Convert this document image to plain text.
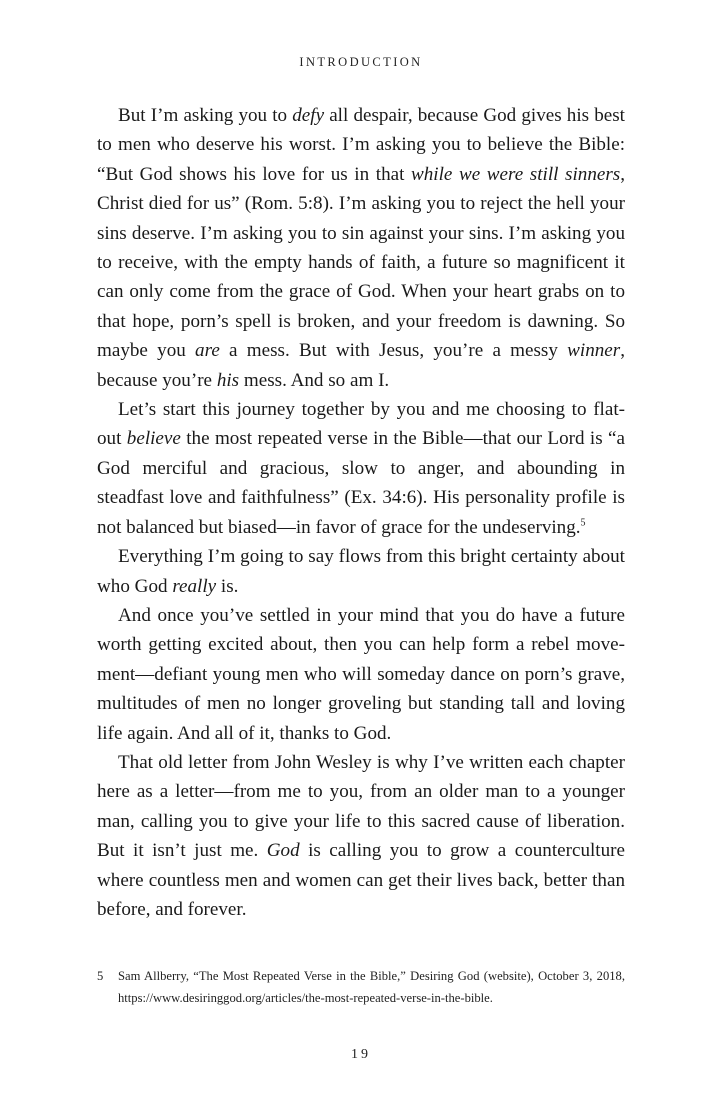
INTRODUCTION

But I’m asking you to defy all despair, because God gives his best to men who deserve his worst. I’m asking you to believe the Bible: “But God shows his love for us in that while we were still sinners, Christ died for us” (Rom. 5:8). I’m asking you to reject the hell your sins deserve. I’m asking you to sin against your sins. I’m asking you to receive, with the empty hands of faith, a future so magnificent it can only come from the grace of God. When your heart grabs on to that hope, porn’s spell is broken, and your freedom is dawning. So maybe you are a mess. But with Jesus, you’re a messy winner, because you’re his mess. And so am I.

Let’s start this journey together by you and me choosing to flat-out believe the most repeated verse in the Bible—that our Lord is “a God merciful and gracious, slow to anger, and abounding in steadfast love and faithfulness” (Ex. 34:6). His personality profile is not balanced but biased—in favor of grace for the undeserving.$^5$

Everything I’m going to say flows from this bright certainty about who God really is.

And once you’ve settled in your mind that you do have a future worth getting excited about, then you can help form a rebel move-ment—defiant young men who will someday dance on porn’s grave, multitudes of men no longer groveling but standing tall and loving life again. And all of it, thanks to God.

That old letter from John Wesley is why I’ve written each chapter here as a letter—from me to you, from an older man to a younger man, calling you to give your life to this sacred cause of liberation. But it isn’t just me. God is calling you to grow a counterculture where countless men and women can get their lives back, better than before, and forever.

5	Sam Allberry, “The Most Repeated Verse in the Bible,” Desiring God (website), October 3, 2018, https://www.desiringgod.org/articles/the-most-repeated-verse-in-the-bible.
19
